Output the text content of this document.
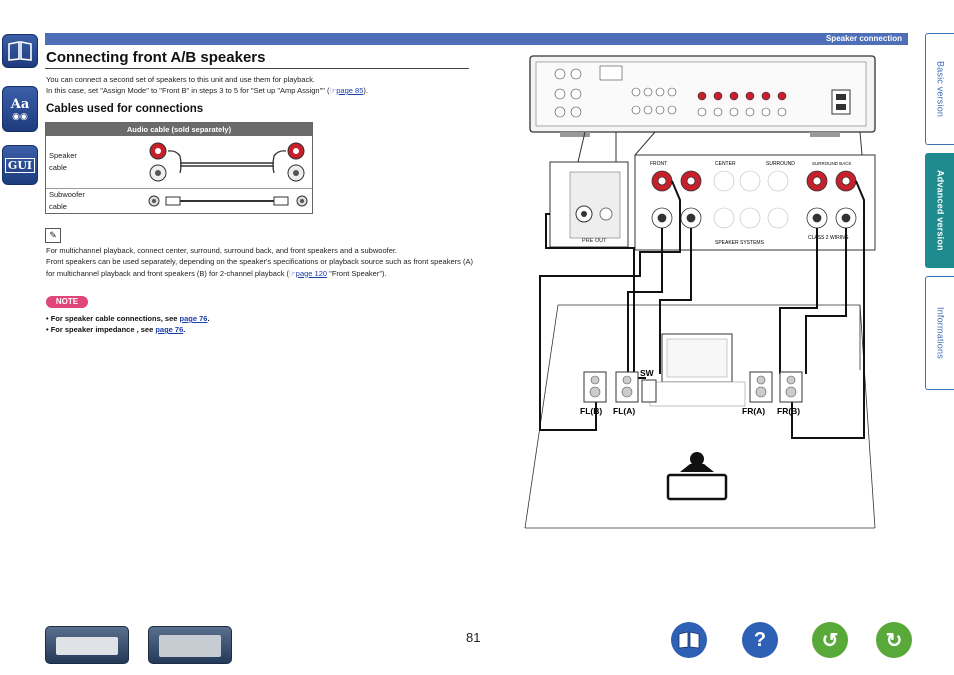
Aa
◉◉
GUI
Speaker connection
Basic version
Advanced version
Informations
Connecting front A/B speakers
You can connect a second set of speakers to this unit and use them for playback.
In this case, set "Assign Mode" to "Front B" in steps 3 to 5 for "Set up "Amp Assign"" (☞page 85).
Cables used for connections
Audio cable (sold separately)
Speaker cable
Subwoofer cable
✎
For multichannel playback, connect center, surround, surround back, and front speakers and a subwoofer.
Front speakers can be used separately, depending on the speaker's specifications or playback source such as front speakers (A) for multichannel playback and front speakers (B) for 2-channel playback (☞page 120 "Front Speaker").
NOTE
• For speaker cable connections, see page 76.
• For speaker impedance , see page 76.
PRE OUT
FRONT	CENTER	SURROUND	SURROUND BACK
SPEAKER SYSTEMS
CLASS 2 WIRING
SW
FL(B) FL(A)	FR(A) FR(B)
81	?	↺ ↻
